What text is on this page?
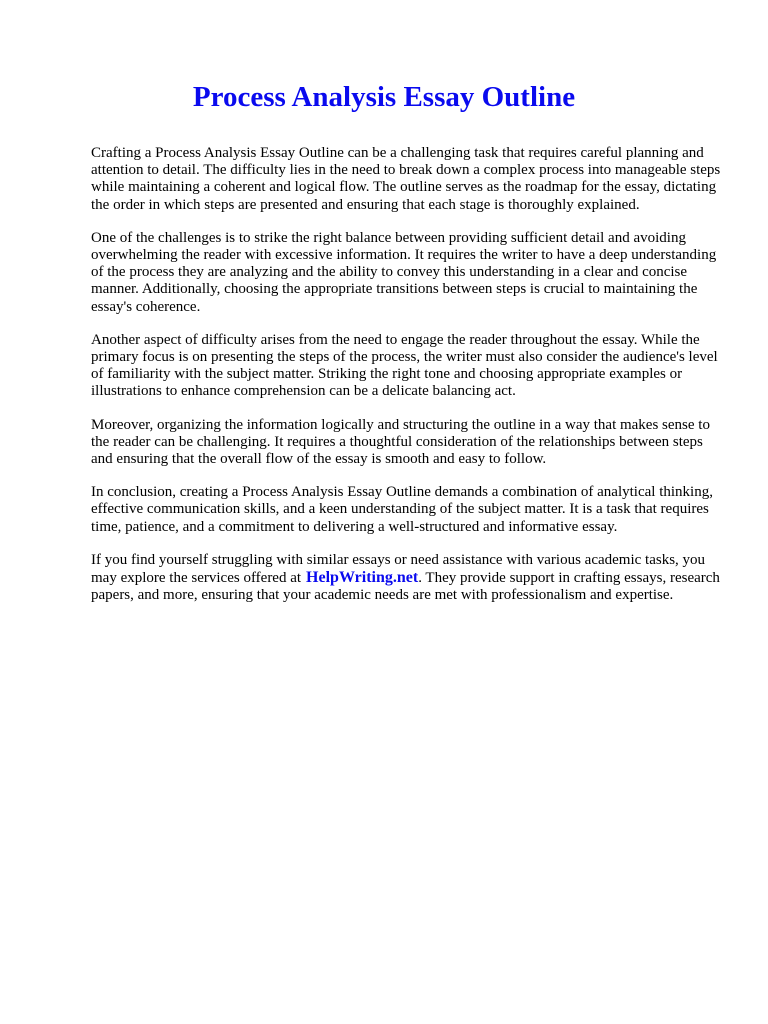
Process Analysis Essay Outline

Crafting a Process Analysis Essay Outline can be a challenging task that requires careful planning and attention to detail. The difficulty lies in the need to break down a complex process into manageable steps while maintaining a coherent and logical flow. The outline serves as the roadmap for the essay, dictating the order in which steps are presented and ensuring that each stage is thoroughly explained.

One of the challenges is to strike the right balance between providing sufficient detail and avoiding overwhelming the reader with excessive information. It requires the writer to have a deep understanding of the process they are analyzing and the ability to convey this understanding in a clear and concise manner. Additionally, choosing the appropriate transitions between steps is crucial to maintaining the essay's coherence.

Another aspect of difficulty arises from the need to engage the reader throughout the essay. While the primary focus is on presenting the steps of the process, the writer must also consider the audience's level of familiarity with the subject matter. Striking the right tone and choosing appropriate examples or illustrations to enhance comprehension can be a delicate balancing act.

Moreover, organizing the information logically and structuring the outline in a way that makes sense to the reader can be challenging. It requires a thoughtful consideration of the relationships between steps and ensuring that the overall flow of the essay is smooth and easy to follow.

In conclusion, creating a Process Analysis Essay Outline demands a combination of analytical thinking, effective communication skills, and a keen understanding of the subject matter. It is a task that requires time, patience, and a commitment to delivering a well-structured and informative essay.

If you find yourself struggling with similar essays or need assistance with various academic tasks, you may explore the services offered at HelpWriting.net. They provide support in crafting essays, research papers, and more, ensuring that your academic needs are met with professionalism and expertise.
